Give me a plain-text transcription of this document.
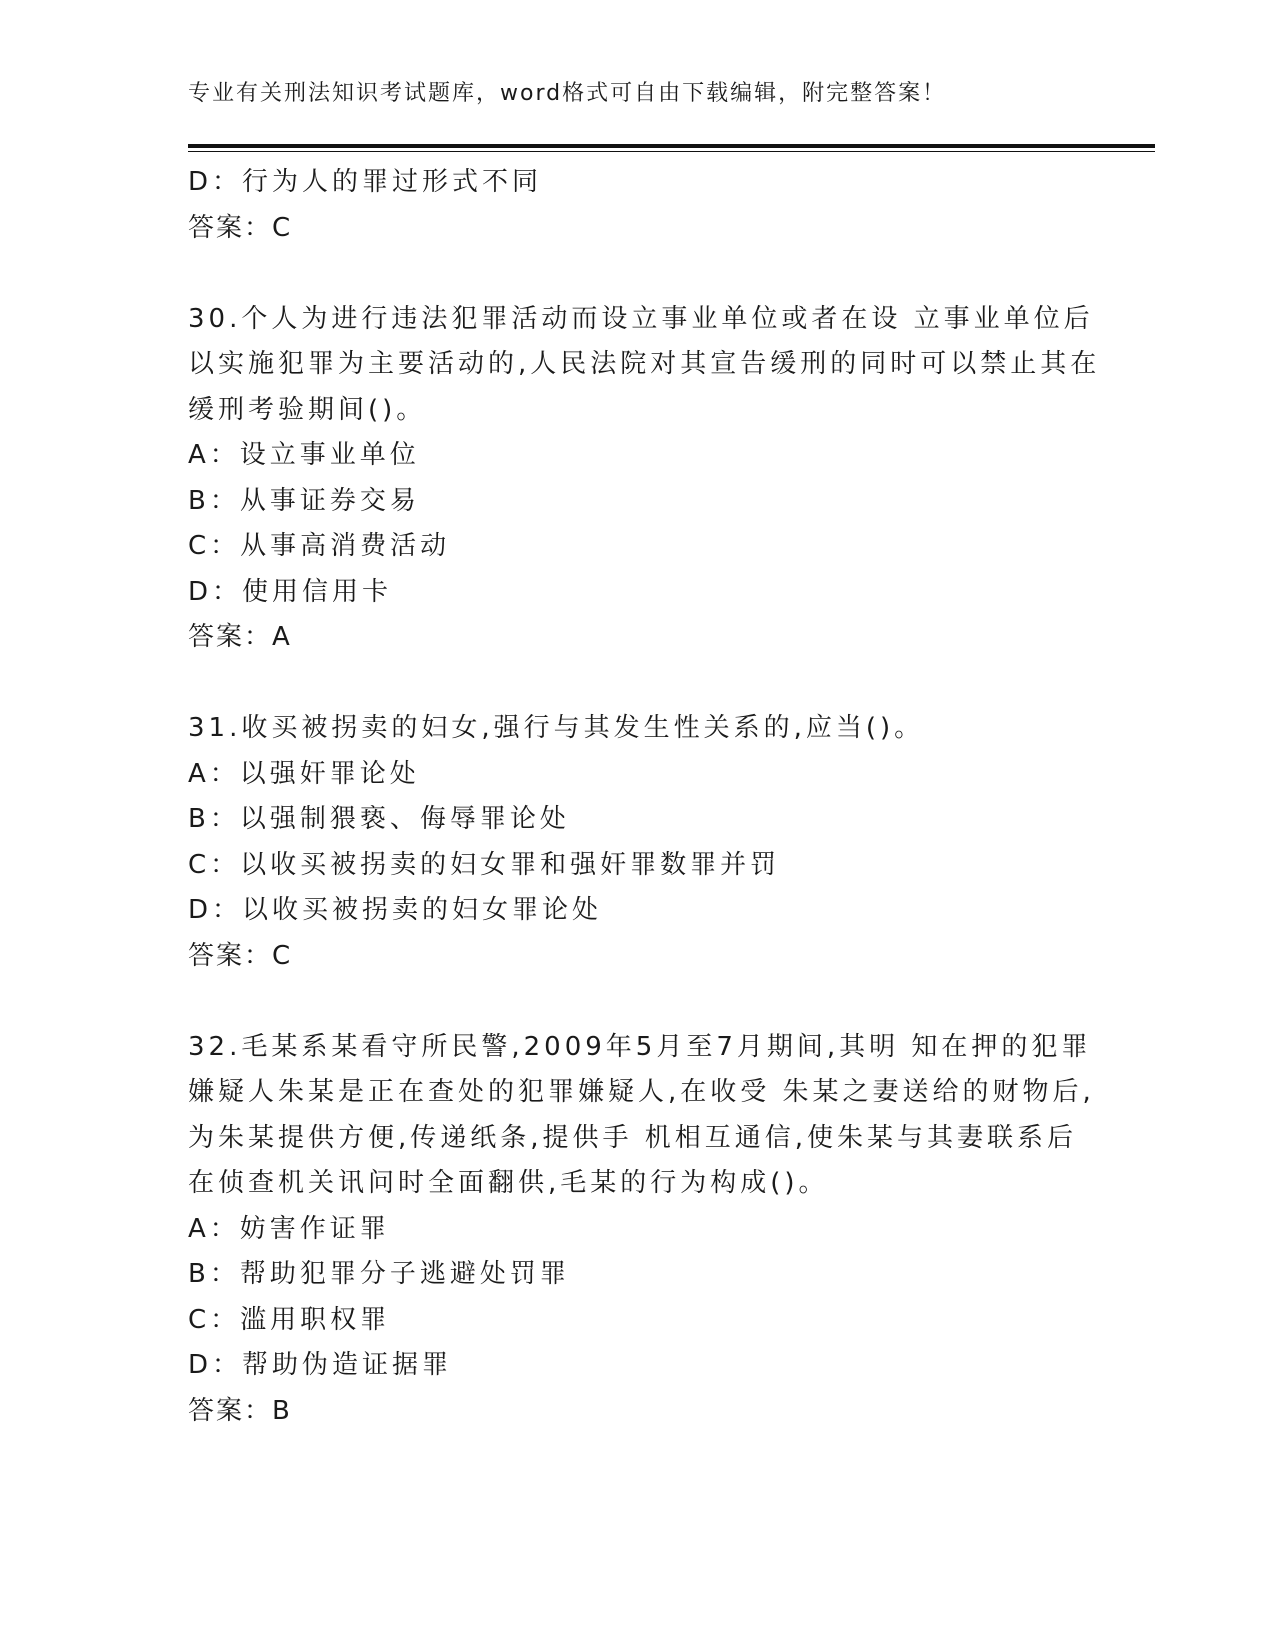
专业有关刑法知识考试题库，word格式可自由下载编辑，附完整答案！
D：行为人的罪过形式不同
答案：C
30.个人为进行违法犯罪活动而设立事业单位或者在设 立事业单位后
以实施犯罪为主要活动的,人民法院对其宣告缓刑的同时可以禁止其在
缓刑考验期间()。
A：设立事业单位
B：从事证券交易
C：从事高消费活动
D：使用信用卡
答案：A
31.收买被拐卖的妇女,强行与其发生性关系的,应当()。
A：以强奸罪论处
B：以强制猥亵、侮辱罪论处
C：以收买被拐卖的妇女罪和强奸罪数罪并罚
D：以收买被拐卖的妇女罪论处
答案：C
32.毛某系某看守所民警,2009年5月至7月期间,其明 知在押的犯罪
嫌疑人朱某是正在查处的犯罪嫌疑人,在收受 朱某之妻送给的财物后,
为朱某提供方便,传递纸条,提供手 机相互通信,使朱某与其妻联系后
在侦查机关讯问时全面翻供,毛某的行为构成()。
A：妨害作证罪
B：帮助犯罪分子逃避处罚罪
C：滥用职权罪
D：帮助伪造证据罪
答案：B
